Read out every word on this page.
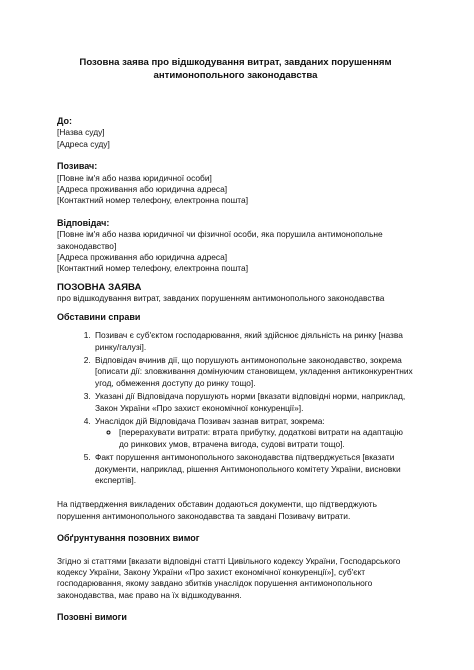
Позовна заява про відшкодування витрат, завданих порушенням антимонопольного законодавства

До:

[Назва суду]

[Адреса суду]

Позивач:

[Повне ім'я або назва юридичної особи]

[Адреса проживання або юридична адреса]

[Контактний номер телефону, електронна пошта]

Відповідач:

[Повне ім'я або назва юридичної чи фізичної особи, яка порушила антимонопольне законодавство]

[Адреса проживання або юридична адреса]

[Контактний номер телефону, електронна пошта]

ПОЗОВНА ЗАЯВА

про відшкодування витрат, завданих порушенням антимонопольного законодавства

Обставини справи

1. Позивач є суб'єктом господарювання, який здійснює діяльність на ринку [назва ринку/галузі].
2. Відповідач вчинив дії, що порушують антимонопольне законодавство, зокрема [описати дії: зловживання домінуючим становищем, укладення антиконкурентних угод, обмеження доступу до ринку тощо].
3. Указані дії Відповідача порушують норми [вказати відповідні норми, наприклад, Закон України «Про захист економічної конкуренції»].
4. Унаслідок дій Відповідача Позивач зазнав витрат, зокрема:
◦ [перерахувати витрати: втрата прибутку, додаткові витрати на адаптацію до ринкових умов, втрачена вигода, судові витрати тощо].
5. Факт порушення антимонопольного законодавства підтверджується [вказати документи, наприклад, рішення Антимонопольного комітету України, висновки експертів].

На підтвердження викладених обставин додаються документи, що підтверджують порушення антимонопольного законодавства та завдані Позивачу витрати.

Обґрунтування позовних вимог

Згідно зі статтями [вказати відповідні статті Цивільного кодексу України, Господарського кодексу України, Закону України «Про захист економічної конкуренції»], суб'єкт господарювання, якому завдано збитків унаслідок порушення антимонопольного законодавства, має право на їх відшкодування.

Позовні вимоги
